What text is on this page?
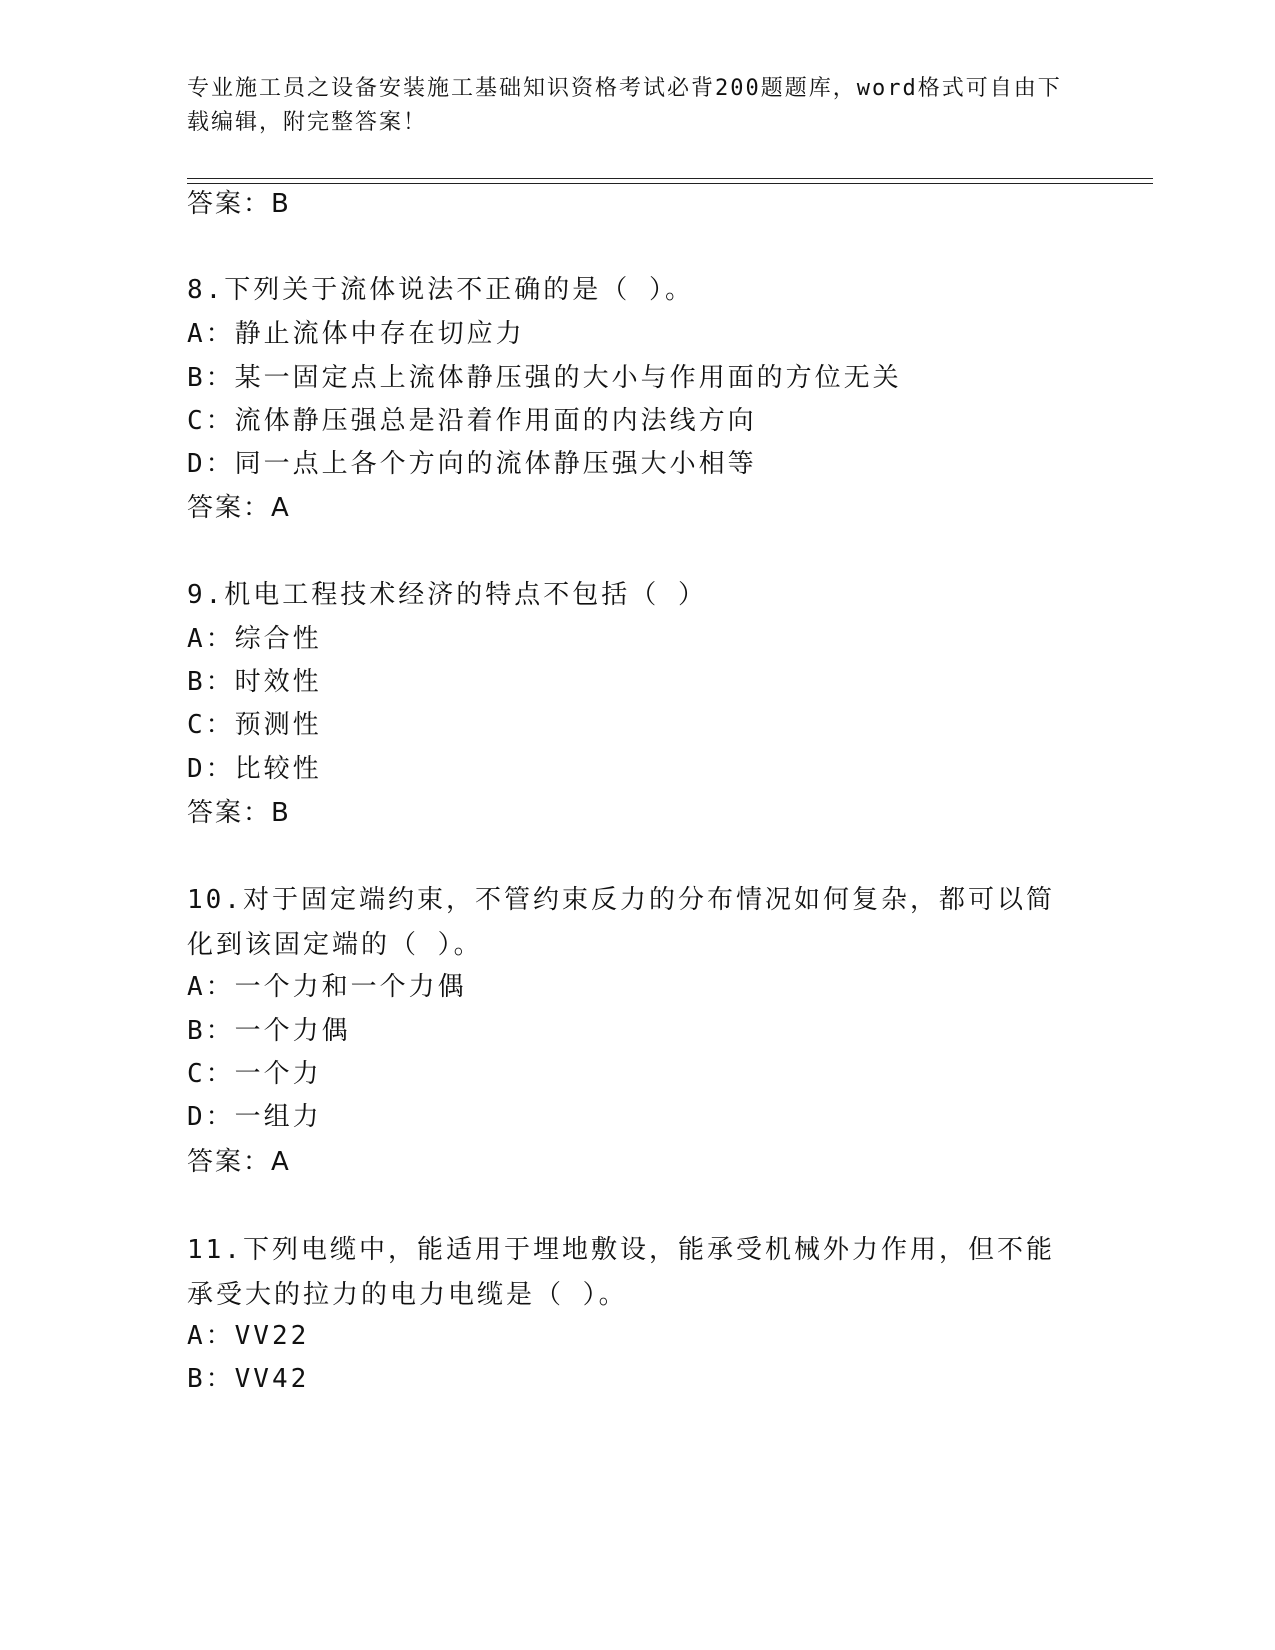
专业施工员之设备安装施工基础知识资格考试必背200题题库，word格式可自由下载编辑，附完整答案！
答案：B
8.下列关于流体说法不正确的是（ ）。
A：静止流体中存在切应力
B：某一固定点上流体静压强的大小与作用面的方位无关
C：流体静压强总是沿着作用面的内法线方向
D：同一点上各个方向的流体静压强大小相等
答案：A
9.机电工程技术经济的特点不包括（ ）
A：综合性
B：时效性
C：预测性
D：比较性
答案：B
10.对于固定端约束，不管约束反力的分布情况如何复杂，都可以简化到该固定端的（ ）。
A：一个力和一个力偶
B：一个力偶
C：一个力
D：一组力
答案：A
11.下列电缆中，能适用于埋地敷设，能承受机械外力作用，但不能承受大的拉力的电力电缆是（ ）。
A：VV22
B：VV42
